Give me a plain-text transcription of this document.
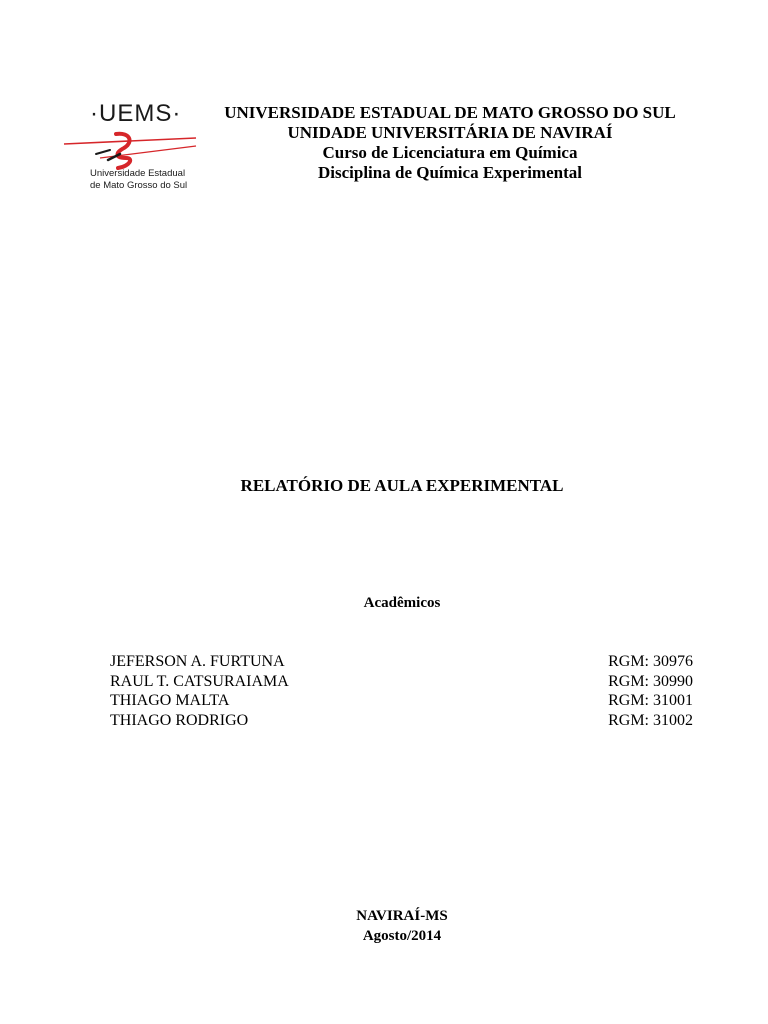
·UEMS·
Universidade Estadual
de Mato Grosso do Sul
UNIVERSIDADE ESTADUAL DE MATO GROSSO DO SUL
UNIDADE UNIVERSITÁRIA DE NAVIRAÍ
Curso de Licenciatura em Química
Disciplina de Química Experimental
RELATÓRIO DE AULA EXPERIMENTAL
Acadêmicos
JEFERSON A. FURTUNA	RGM: 30976
RAUL T. CATSURAIAMA	RGM: 30990
THIAGO MALTA	RGM: 31001
THIAGO RODRIGO	RGM: 31002
NAVIRAÍ-MS
Agosto/2014
